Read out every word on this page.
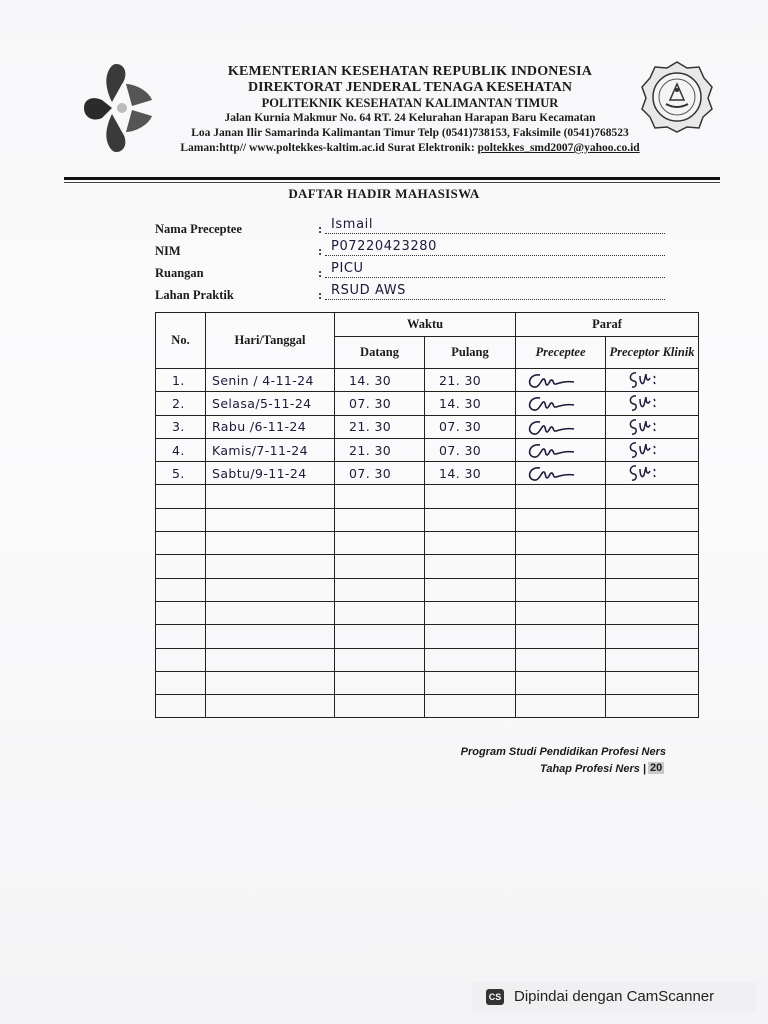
KEMENTERIAN KESEHATAN REPUBLIK INDONESIA
DIREKTORAT JENDERAL TENAGA KESEHATAN
POLITEKNIK KESEHATAN KALIMANTAN TIMUR
Jalan Kurnia Makmur No. 64 RT. 24 Kelurahan Harapan Baru Kecamatan
Loa Janan Ilir Samarinda Kalimantan Timur Telp (0541)738153, Faksimile (0541)768523
Laman:http// www.poltekkes-kaltim.ac.id Surat Elektronik: poltekkes_smd2007@yahoo.co.id
DAFTAR HADIR MAHASISWA
Nama Preceptee	: Ismail
NIM	: P07220423280
Ruangan	: PICU
Lahan Praktik	: RSUD AWS
No.	Hari/Tanggal	Waktu		Paraf	
		Datang	Pulang	Preceptee	Preceptor Klinik
1.	Senin / 4-11-24	14. 30	21. 30	

2.	Selasa/5-11-24	07. 30	14. 30	

3.	Rabu /6-11-24	21. 30	07. 30	

4.	Kamis/7-11-24	21. 30	07. 30	

5.	Sabtu/9-11-24	07. 30	14. 30	

Program Studi Pendidikan Profesi Ners
Tahap Profesi Ners | 20
CS Dipindai dengan CamScanner
